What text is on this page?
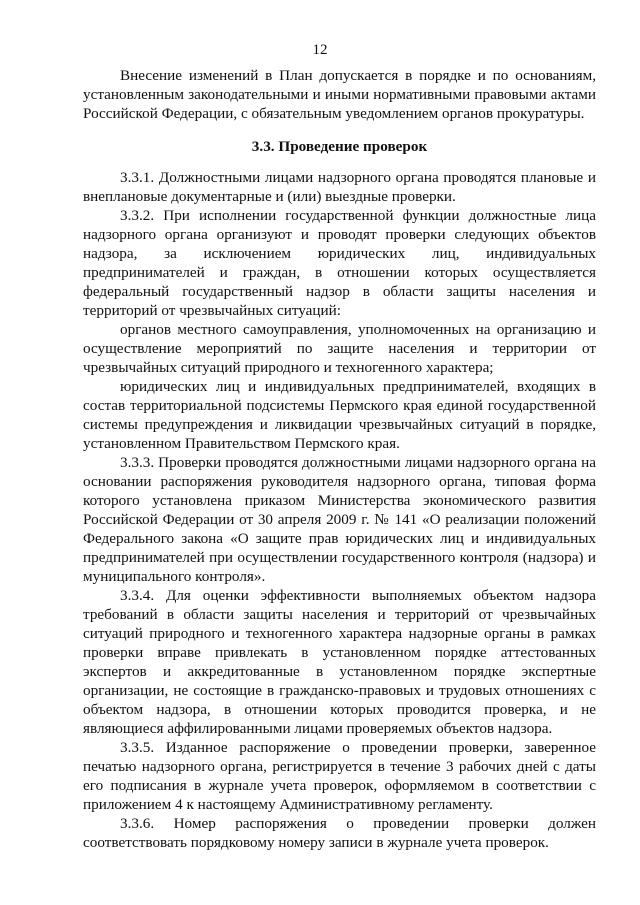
12

Внесение изменений в План допускается в порядке и по основаниям, установленным законодательными и иными нормативными правовыми актами Российской Федерации, с обязательным уведомлением органов прокуратуры.

3.3. Проведение проверок

3.3.1. Должностными лицами надзорного органа проводятся плановые и внеплановые документарные и (или) выездные проверки.

3.3.2. При исполнении государственной функции должностные лица надзорного органа организуют и проводят проверки следующих объектов надзора, за исключением юридических лиц, индивидуальных предпринимателей и граждан, в отношении которых осуществляется федеральный государственный надзор в области защиты населения и территорий от чрезвычайных ситуаций:

органов местного самоуправления, уполномоченных на организацию и осуществление мероприятий по защите населения и территории от чрезвычайных ситуаций природного и техногенного характера;

юридических лиц и индивидуальных предпринимателей, входящих в состав территориальной подсистемы Пермского края единой государственной системы предупреждения и ликвидации чрезвычайных ситуаций в порядке, установленном Правительством Пермского края.

3.3.3. Проверки проводятся должностными лицами надзорного органа на основании распоряжения руководителя надзорного органа, типовая форма которого установлена приказом Министерства экономического развития Российской Федерации от 30 апреля 2009 г. № 141 «О реализации положений Федерального закона «О защите прав юридических лиц и индивидуальных предпринимателей при осуществлении государственного контроля (надзора) и муниципального контроля».

3.3.4. Для оценки эффективности выполняемых объектом надзора требований в области защиты населения и территорий от чрезвычайных ситуаций природного и техногенного характера надзорные органы в рамках проверки вправе привлекать в установленном порядке аттестованных экспертов и аккредитованные в установленном порядке экспертные организации, не состоящие в гражданско-правовых и трудовых отношениях с объектом надзора, в отношении которых проводится проверка, и не являющиеся аффилированными лицами проверяемых объектов надзора.

3.3.5. Изданное распоряжение о проведении проверки, заверенное печатью надзорного органа, регистрируется в течение 3 рабочих дней с даты его подписания в журнале учета проверок, оформляемом в соответствии с приложением 4 к настоящему Административному регламенту.

3.3.6. Номер распоряжения о проведении проверки должен соответствовать порядковому номеру записи в журнале учета проверок.
